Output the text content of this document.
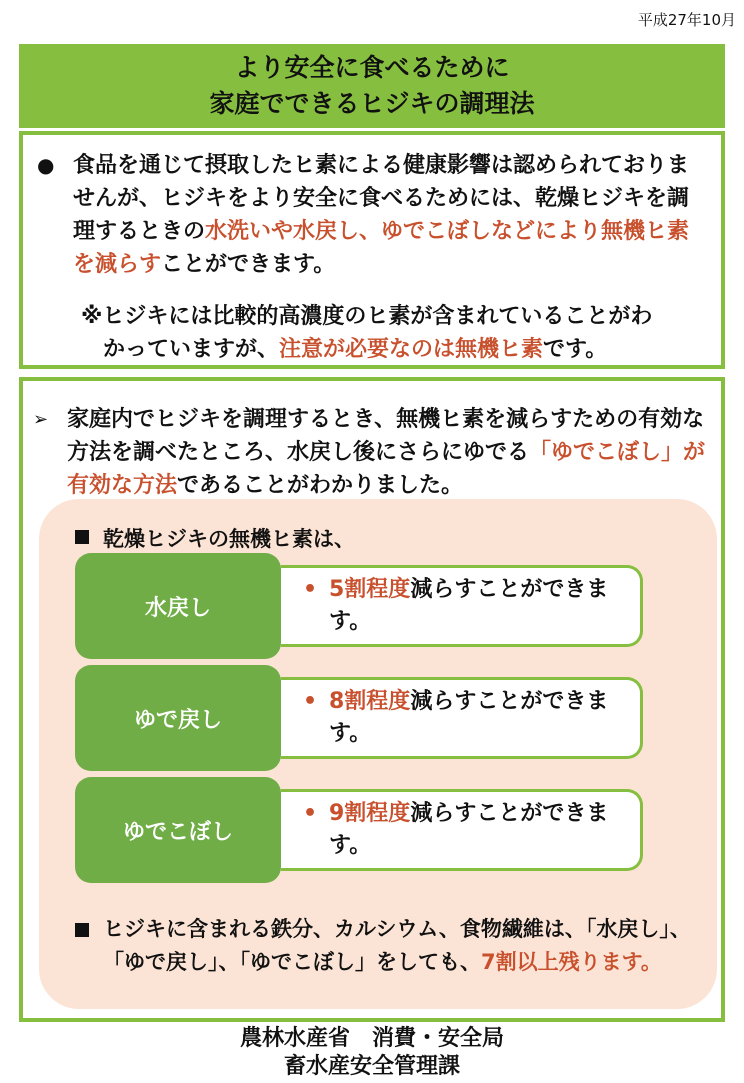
平成27年10月
より安全に食べるために
家庭でできるヒジキの調理法
● 食品を通じて摂取したヒ素による健康影響は認められておりませんが、ヒジキをより安全に食べるためには、乾燥ヒジキを調理するときの水洗いや水戻し、ゆでこぼしなどにより無機ヒ素を減らすことができます。
※ヒジキには比較的高濃度のヒ素が含まれていることがわ
かっていますが、注意が必要なのは無機ヒ素です。
➢ 家庭内でヒジキを調理するとき、無機ヒ素を減らすための有効な方法を調べたところ、水戻し後にさらにゆでる「ゆでこぼし」が有効な方法であることがわかりました。
乾燥ヒジキの無機ヒ素は、
水戻し
• 5割程度減らすことができます。
ゆで戻し
• 8割程度減らすことができます。
ゆでこぼし
• 9割程度減らすことができます。
ヒジキに含まれる鉄分、カルシウム、食物繊維は、「水戻し」、「ゆで戻し」、「ゆでこぼし」をしても、7割以上残ります。
農林水産省　消費・安全局
畜水産安全管理課
